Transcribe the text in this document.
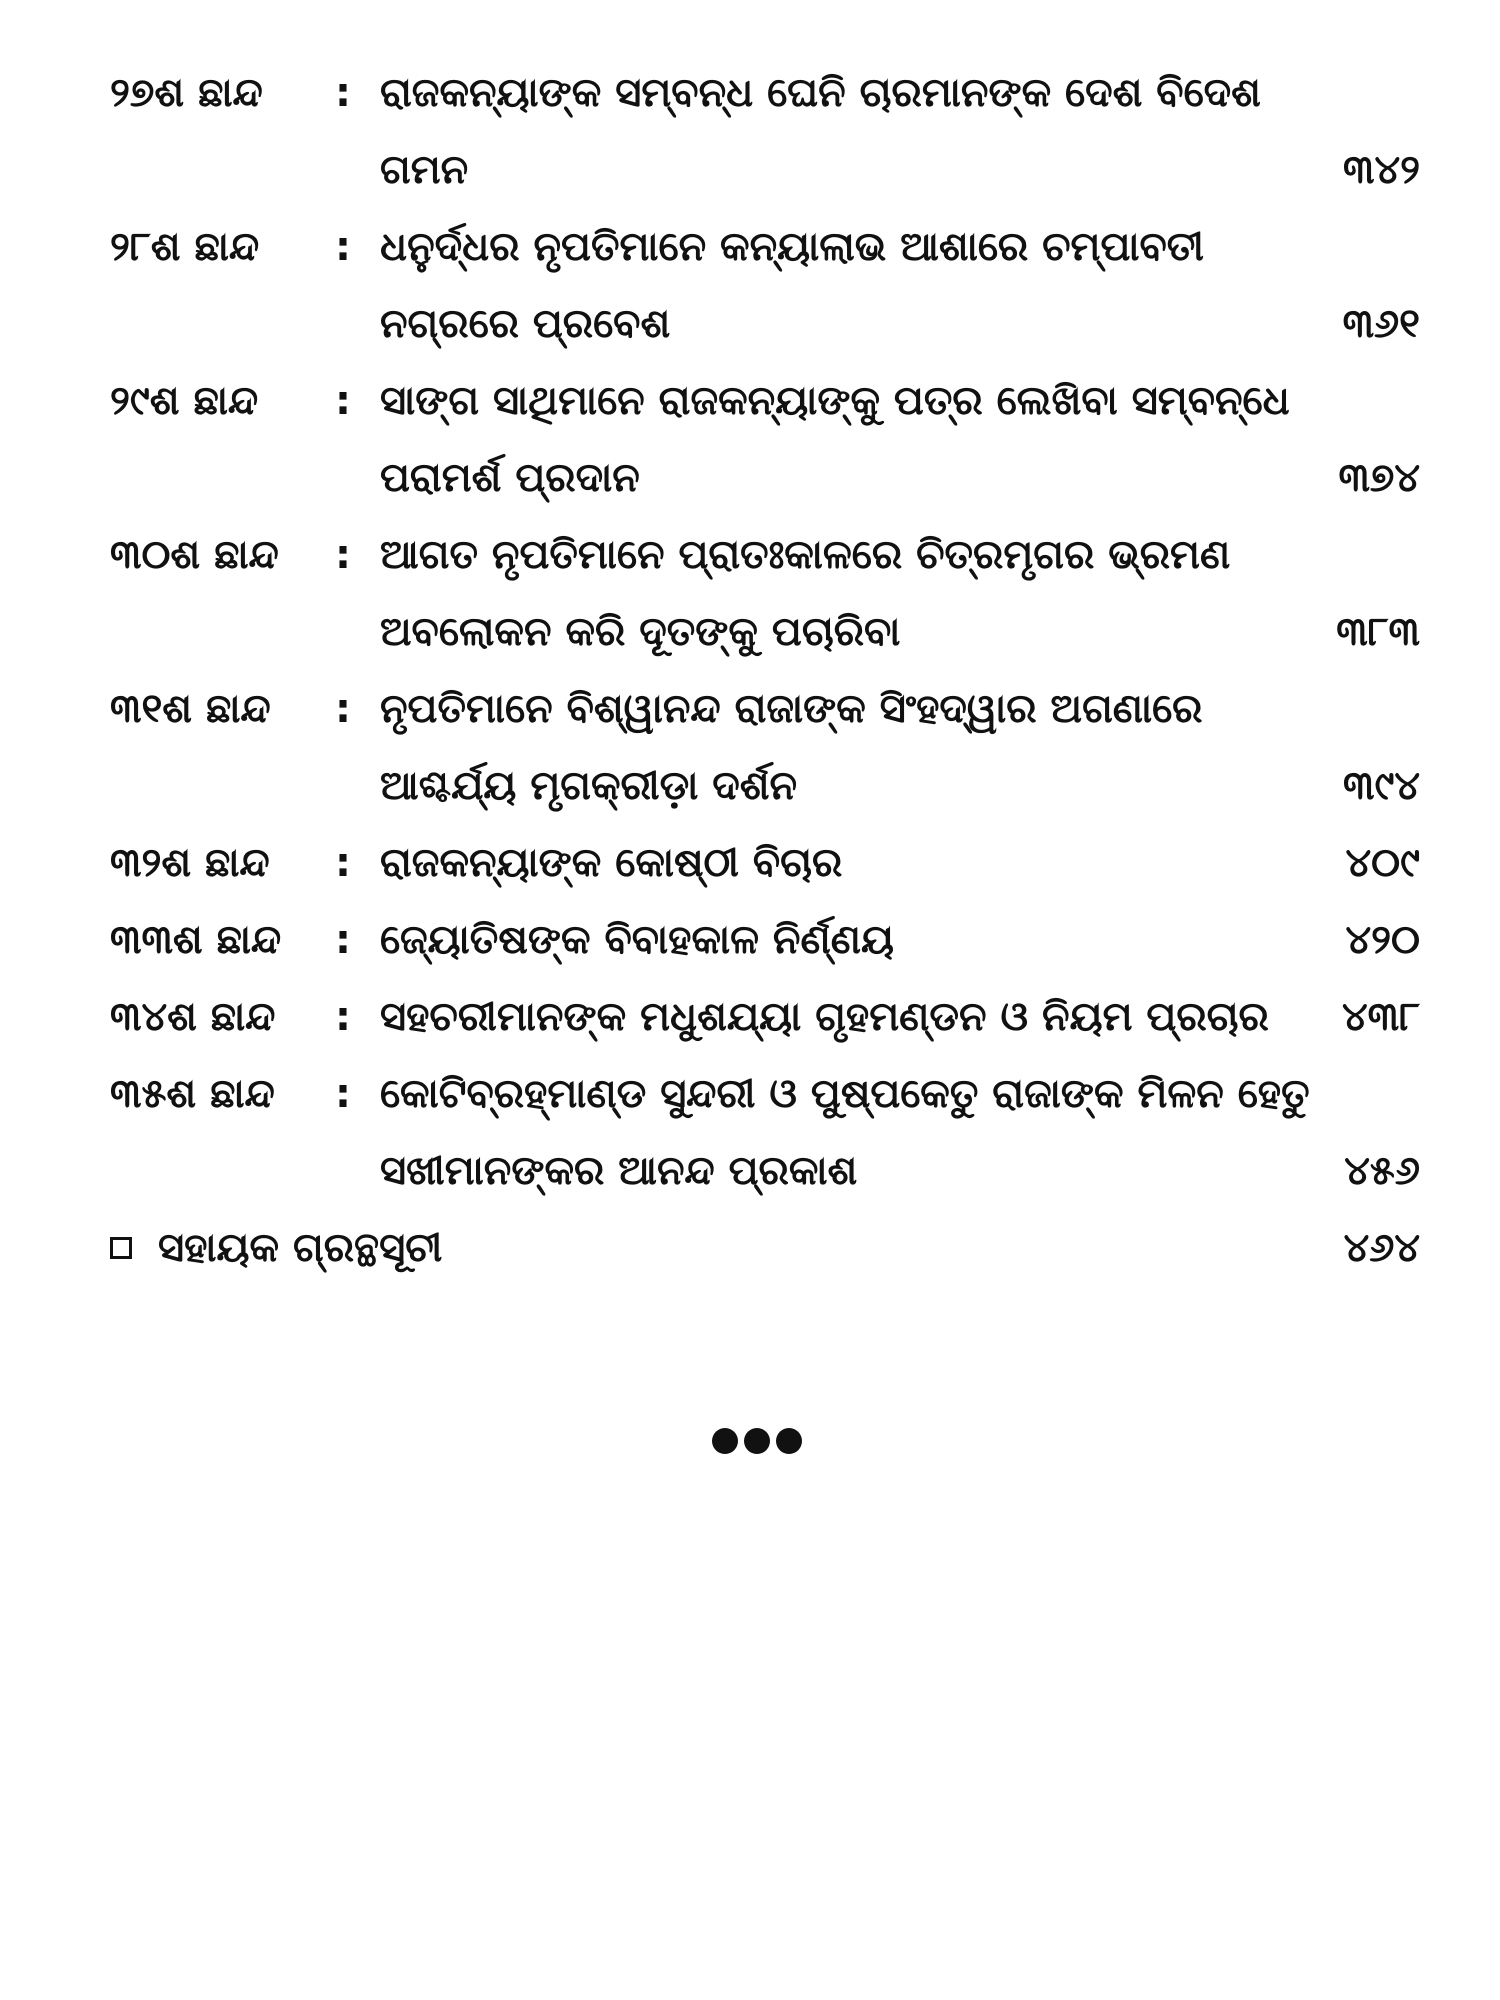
୨୭ଶ ଛାନ୍ଦ	: ରାଜକନ୍ୟାଙ୍କ ସମ୍ବନ୍ଧ ଘେନି ଚାରମାନଙ୍କ ଦେଶ ବିଦେଶ
ଗମନ	୩୪୨
୨୮ଶ ଛାନ୍ଦ	: ଧନୁର୍ଦ୍ଧର ନୃପତିମାନେ କନ୍ୟାଲାଭ ଆଶାରେ ଚମ୍ପାବତୀ
ନଗ୍ରରେ ପ୍ରବେଶ	୩୬୧
୨୯ଶ ଛାନ୍ଦ	: ସାଙ୍ଗ ସାଥିମାନେ ରାଜକନ୍ୟାଙ୍କୁ ପତ୍ର ଲେଖିବା ସମ୍ବନ୍ଧେ
ପରାମର୍ଶ ପ୍ରଦାନ	୩୭୪
୩୦ଶ ଛାନ୍ଦ	: ଆଗତ ନୃପତିମାନେ ପ୍ରାତଃକାଳରେ ଚିତ୍ରମୃଗର ଭ୍ରମଣ
ଅବଲୋକନ କରି ଦୂତଙ୍କୁ ପଚାରିବା	୩୮୩
୩୧ଶ ଛାନ୍ଦ	: ନୃପତିମାନେ ବିଶ୍ୱାନନ୍ଦ ରାଜାଙ୍କ ସିଂହଦ୍ୱାର ଅଗଣାରେ
ଆଶ୍ଚର୍ଯ୍ୟ ମୃଗକ୍ରୀଡ଼ା ଦର୍ଶନ	୩୯୪
୩୨ଶ ଛାନ୍ଦ	: ରାଜକନ୍ୟାଙ୍କ କୋଷ୍ଠୀ ବିଚାର	୪୦୯
୩୩ଶ ଛାନ୍ଦ	: ଜ୍ୟୋତିଷଙ୍କ ବିବାହକାଳ ନିର୍ଣ୍ଣୟ	୪୨୦
୩୪ଶ ଛାନ୍ଦ	: ସହଚରୀମାନଙ୍କ ମଧୁଶଯ୍ୟା ଗୃହମଣ୍ଡନ ଓ ନିୟମ ପ୍ରଚାର	୪୩୮
୩୫ଶ ଛାନ୍ଦ	: କୋଟିବ୍ରହ୍ମାଣ୍ଡ ସୁନ୍ଦରୀ ଓ ପୁଷ୍ପକେତୁ ରାଜାଙ୍କ ମିଳନ ହେତୁ
ସଖୀମାନଙ୍କର ଆନନ୍ଦ ପ୍ରକାଶ	୪୫୬
ସହାୟକ ଗ୍ରନ୍ଥସୂଚୀ	୪୬୪
